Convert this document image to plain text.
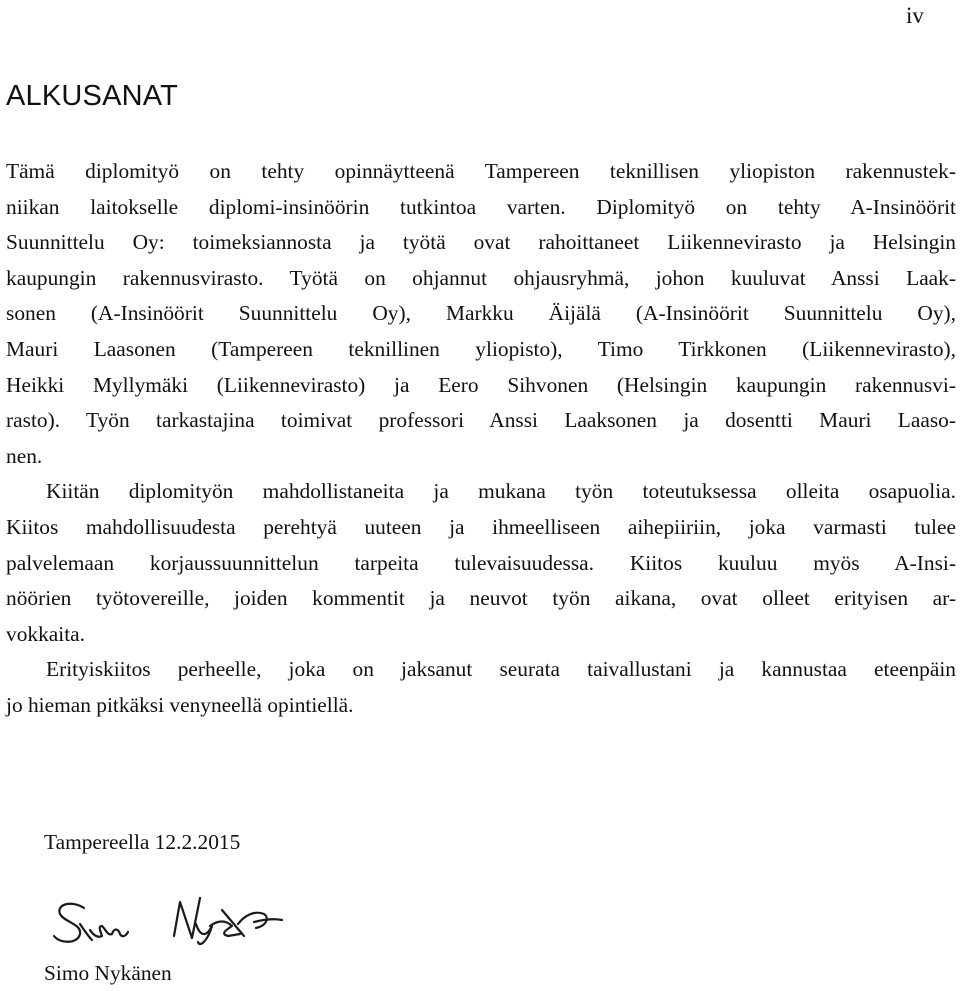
iv
ALKUSANAT

Tämä diplomityö on tehty opinnäytteenä Tampereen teknillisen yliopiston rakennustek-
niikan laitokselle diplomi-insinöörin tutkintoa varten. Diplomityö on tehty A-Insinöörit
Suunnittelu Oy: toimeksiannosta ja työtä ovat rahoittaneet Liikennevirasto ja Helsingin
kaupungin rakennusvirasto. Työtä on ohjannut ohjausryhmä, johon kuuluvat Anssi Laak-
sonen (A-Insinöörit Suunnittelu Oy), Markku Äijälä (A-Insinöörit Suunnittelu Oy),
Mauri Laasonen (Tampereen teknillinen yliopisto), Timo Tirkkonen (Liikennevirasto),
Heikki Myllymäki (Liikennevirasto) ja Eero Sihvonen (Helsingin kaupungin rakennusvi-
rasto). Työn tarkastajina toimivat professori Anssi Laaksonen ja dosentti Mauri Laaso-
nen.

Kiitän diplomityön mahdollistaneita ja mukana työn toteutuksessa olleita osapuolia.
Kiitos mahdollisuudesta perehtyä uuteen ja ihmeelliseen aihepiiriin, joka varmasti tulee
palvelemaan korjaussuunnittelun tarpeita tulevaisuudessa. Kiitos kuuluu myös A-Insi-
nöörien työtovereille, joiden kommentit ja neuvot työn aikana, ovat olleet erityisen ar-
vokkaita.

Erityiskiitos perheelle, joka on jaksanut seurata taivallustani ja kannustaa eteenpäin
jo hieman pitkäksi venyneellä opintiellä.

Tampereella 12.2.2015
Simo Nykänen
